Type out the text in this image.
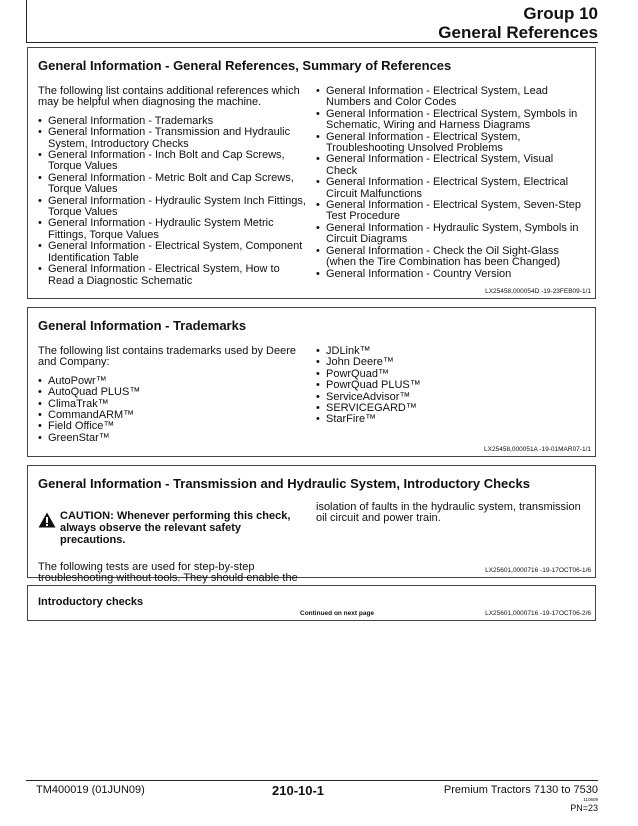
Group 10
General References
General Information - General References, Summary of References

The following list contains additional references which may be helpful when diagnosing the machine.

• General Information - Trademarks
• General Information - Transmission and Hydraulic System, Introductory Checks
• General Information - Inch Bolt and Cap Screws, Torque Values
• General Information - Metric Bolt and Cap Screws, Torque Values
• General Information - Hydraulic System Inch Fittings, Torque Values
• General Information - Hydraulic System Metric Fittings, Torque Values
• General Information - Electrical System, Component Identification Table
• General Information - Electrical System, How to Read a Diagnostic Schematic
• General Information - Electrical System, Lead Numbers and Color Codes
• General Information - Electrical System, Symbols in Schematic, Wiring and Harness Diagrams
• General Information - Electrical System, Troubleshooting Unsolved Problems
• General Information - Electrical System, Visual Check
• General Information - Electrical System, Electrical Circuit Malfunctions
• General Information - Electrical System, Seven-Step Test Procedure
• General Information - Hydraulic System, Symbols in Circuit Diagrams
• General Information - Check the Oil Sight-Glass (when the Tire Combination has been Changed)
• General Information - Country Version
LX25458,000054D -19-23FEB09-1/1
General Information - Trademarks

The following list contains trademarks used by Deere and Company:

• AutoPowr™
• AutoQuad PLUS™
• ClimaTrak™
• CommandARM™
• Field Office™
• GreenStar™
• JDLink™
• John Deere™
• PowrQuad™
• PowrQuad PLUS™
• ServiceAdvisor™
• SERVICEGARD™
• StarFire™
LX25458,000051A -19-01MAR07-1/1
General Information - Transmission and Hydraulic System, Introductory Checks
CAUTION: Whenever performing this check, always observe the relevant safety precautions.

The following tests are used for step-by-step troubleshooting without tools. They should enable the

isolation of faults in the hydraulic system, transmission oil circuit and power train.

LX25601,0000716 -19-17OCT06-1/6
Introductory checks
Continued on next page	LX25601,0000716 -19-17OCT06-2/6
TM400019 (01JUN09)	210-10-1	Premium Tractors 7130 to 7530
110609
PN=23
